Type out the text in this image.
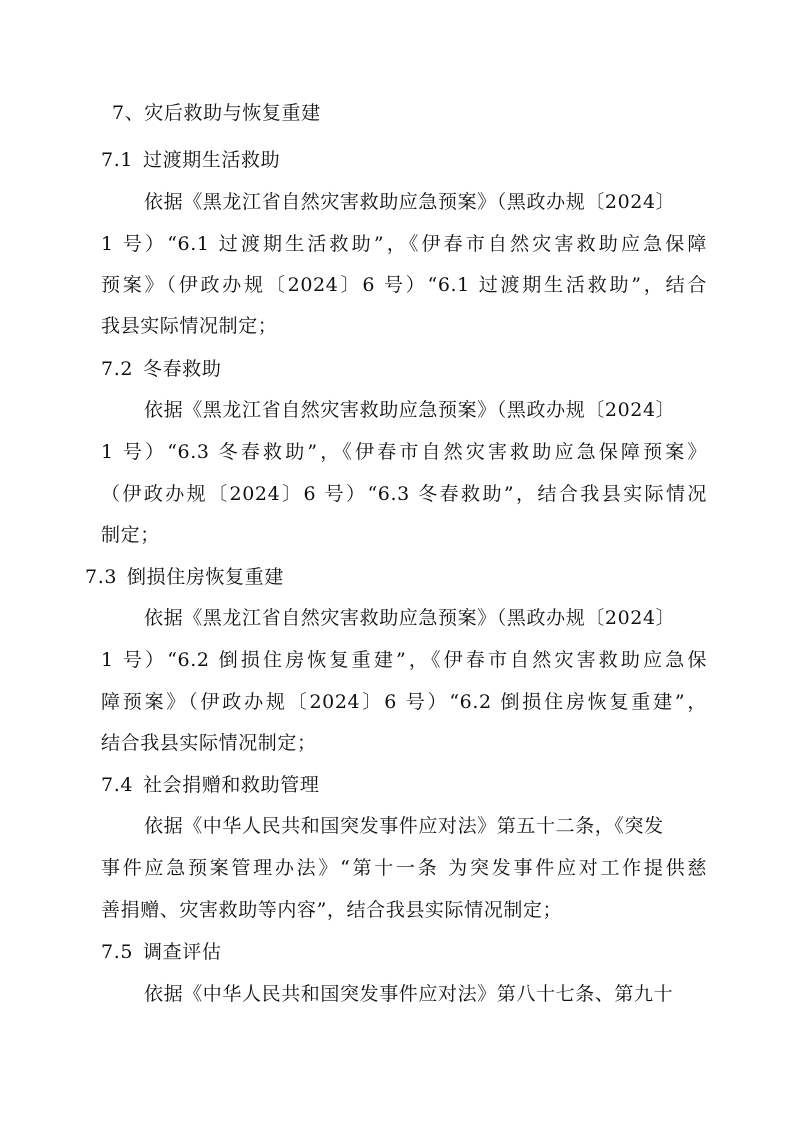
7、灾后救助与恢复重建

7.1 过渡期生活救助

依据《黑龙江省自然灾害救助应急预案》（黑政办规〔2024〕

1 号）“6.1 过渡期生活救助”，《伊春市自然灾害救助应急保障

预案》（伊政办规〔2024〕6 号）“6.1 过渡期生活救助”，结合

我县实际情况制定；

7.2 冬春救助

依据《黑龙江省自然灾害救助应急预案》（黑政办规〔2024〕

1 号）“6.3 冬春救助”，《伊春市自然灾害救助应急保障预案》

（伊政办规〔2024〕6 号）“6.3 冬春救助”，结合我县实际情况

制定；

7.3 倒损住房恢复重建

依据《黑龙江省自然灾害救助应急预案》（黑政办规〔2024〕

1 号）“6.2 倒损住房恢复重建”，《伊春市自然灾害救助应急保

障预案》（伊政办规〔2024〕6 号）“6.2 倒损住房恢复重建”，

结合我县实际情况制定；

7.4 社会捐赠和救助管理

依据《中华人民共和国突发事件应对法》第五十二条，《突发

事件应急预案管理办法》“第十一条 为突发事件应对工作提供慈

善捐赠、灾害救助等内容”，结合我县实际情况制定；

7.5 调查评估

依据《中华人民共和国突发事件应对法》第八十七条、第九十
